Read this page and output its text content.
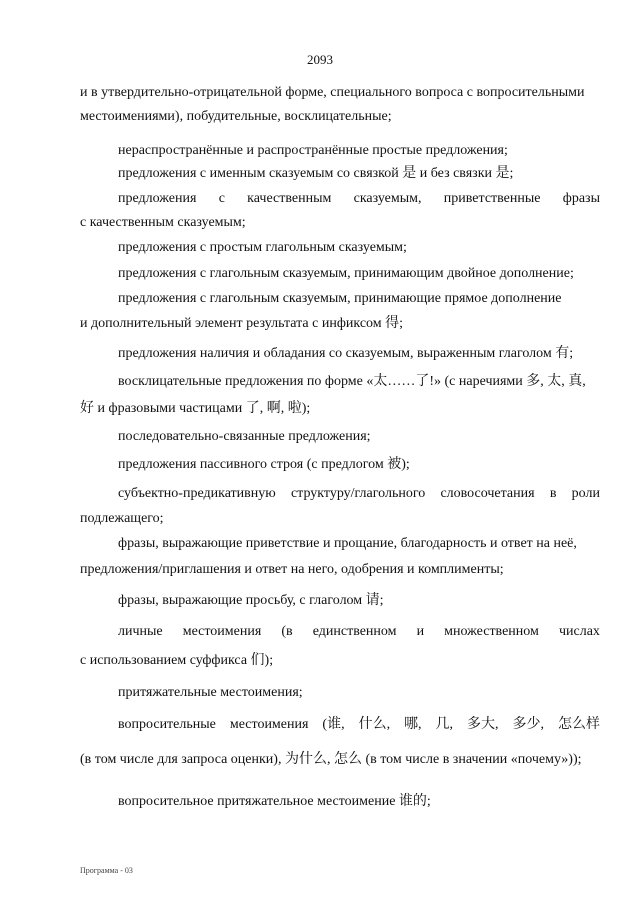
2093
и в утвердительно-отрицательной форме, специального вопроса с вопросительными
местоимениями), побудительные, восклицательные;
нераспространённые и распространённые простые предложения;
предложения с именным сказуемым со связкой 是 и без связки 是;
предложения с качественным сказуемым, приветственные фразы
с качественным сказуемым;
предложения с простым глагольным сказуемым;
предложения с глагольным сказуемым, принимающим двойное дополнение;
предложения с глагольным сказуемым, принимающие прямое дополнение
и дополнительный элемент результата с инфиксом 得;
предложения наличия и обладания со сказуемым, выраженным глаголом 有;
восклицательные предложения по форме «太……了!» (с наречиями 多, 太, 真,
好 и фразовыми частицами 了, 啊, 啦);
последовательно-связанные предложения;
предложения пассивного строя (с предлогом 被);
субъектно-предикативную структуру/глагольного словосочетания в роли
подлежащего;
фразы, выражающие приветствие и прощание, благодарность и ответ на неё,
предложения/приглашения и ответ на него, одобрения и комплименты;
фразы, выражающие просьбу, с глаголом 请;
личные местоимения (в единственном и множественном числах
с использованием суффикса 们);
притяжательные местоимения;
вопросительные местоимения (谁, 什么, 哪, 几, 多大, 多少, 怎么样
(в том числе для запроса оценки), 为什么, 怎么 (в том числе в значении «почему»));
вопросительное притяжательное местоимение 谁的;
Программа - 03
